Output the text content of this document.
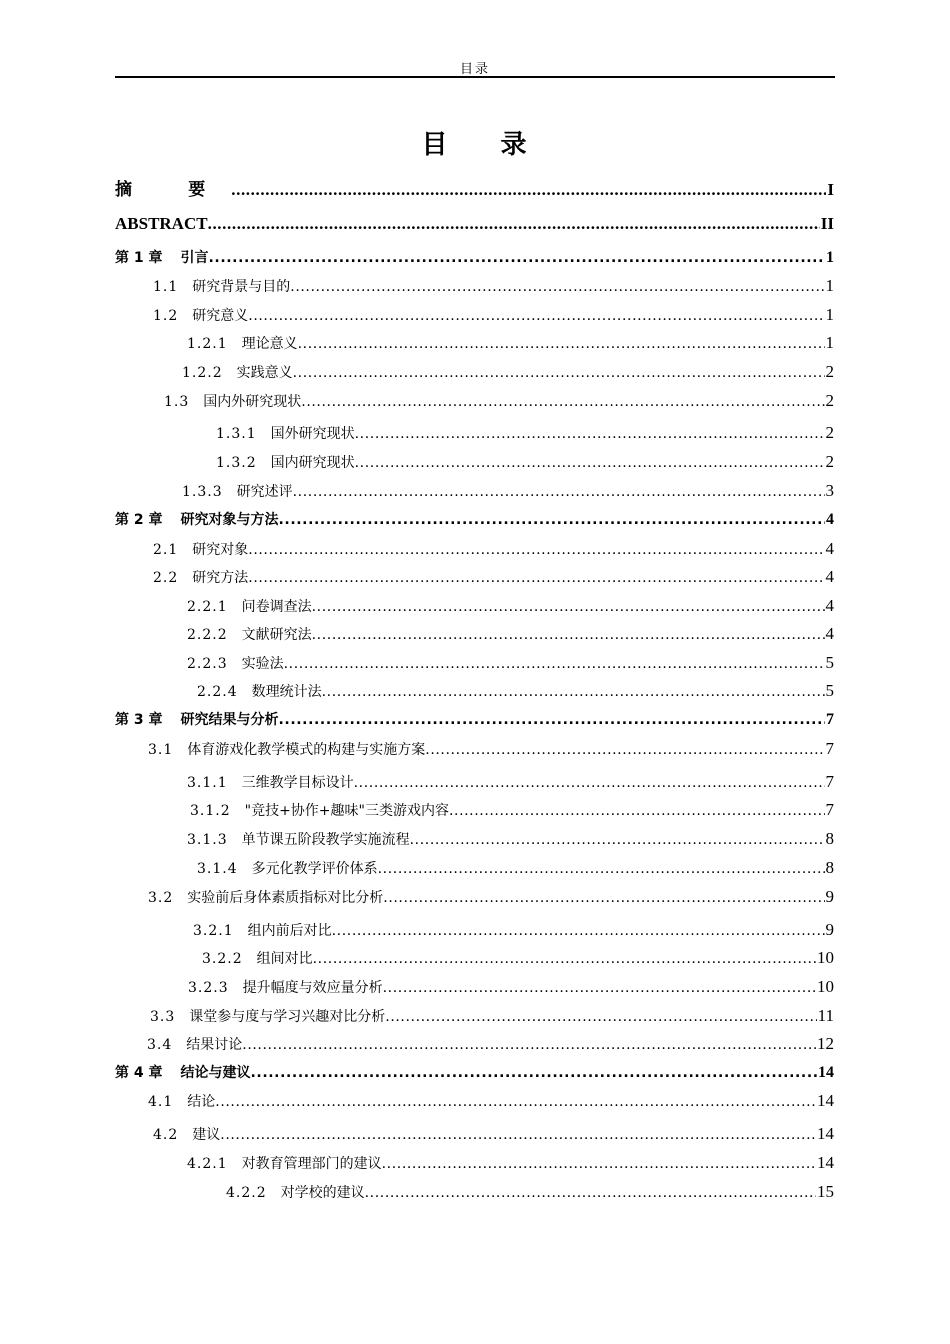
目录
目 录
摘 要 .....	I
ABSTRACT .....	II
第 1 章 引言 .....	1
1.1 研究背景与目的 .....	1
1.2 研究意义 .....	1
1.2.1 理论意义 .....	1
1.2.2 实践意义 .....	2
1.3 国内外研究现状 .....	2
1.3.1 国外研究现状 .....	2
1.3.2 国内研究现状 .....	2
1.3.3 研究述评 .....	3
第 2 章 研究对象与方法 .....	4
2.1 研究对象 .....	4
2.2 研究方法 .....	4
2.2.1 问卷调查法 .....	4
2.2.2 文献研究法 .....	4
2.2.3 实验法 .....	5
2.2.4 数理统计法 .....	5
第 3 章 研究结果与分析 .....	7
3.1 体育游戏化教学模式的构建与实施方案 .....	7
3.1.1 三维教学目标设计 .....	7
3.1.2 "竞技+协作+趣味"三类游戏内容 .....	7
3.1.3 单节课五阶段教学实施流程 .....	8
3.1.4 多元化教学评价体系 .....	8
3.2 实验前后身体素质指标对比分析 .....	9
3.2.1 组内前后对比 .....	9
3.2.2 组间对比 .....	10
3.2.3 提升幅度与效应量分析 .....	10
3.3 课堂参与度与学习兴趣对比分析 .....	11
3.4 结果讨论 .....	12
第 4 章 结论与建议 .....	14
4.1 结论 .....	14
4.2 建议 .....	14
4.2.1 对教育管理部门的建议 .....	14
4.2.2 对学校的建议 .....	15
